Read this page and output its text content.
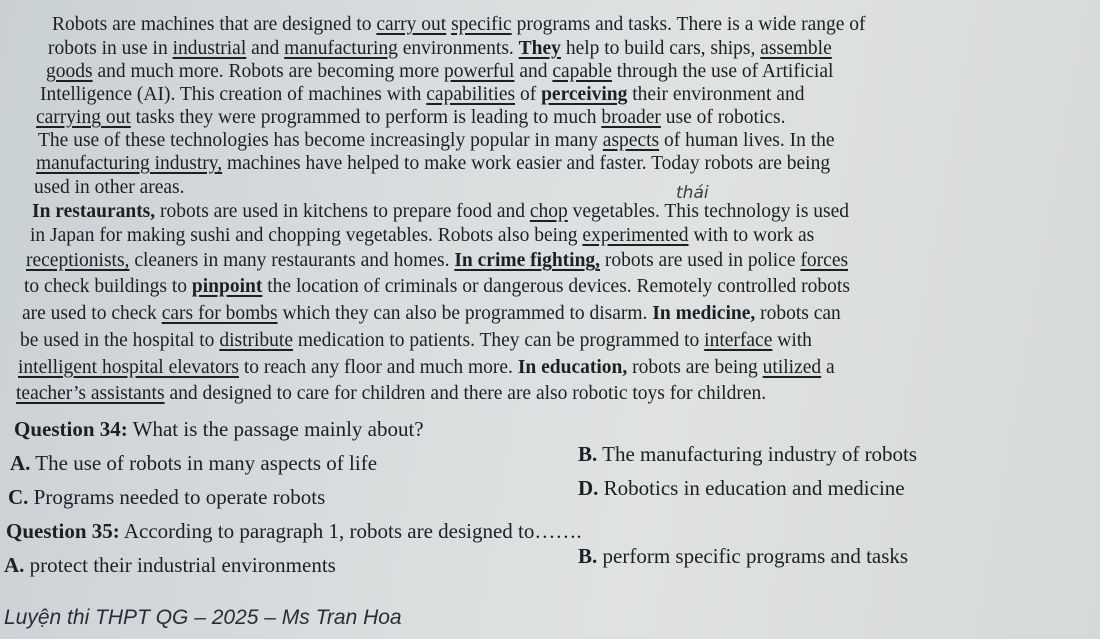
Robots are machines that are designed to carry out specific programs and tasks. There is a wide range of
robots in use in industrial and manufacturing environments. They help to build cars, ships, assemble
goods and much more. Robots are becoming more powerful and capable through the use of Artificial
Intelligence (AI). This creation of machines with capabilities of perceiving their environment and
carrying out tasks they were programmed to perform is leading to much broader use of robotics.
The use of these technologies has become increasingly popular in many aspects of human lives. In the
manufacturing industry, machines have helped to make work easier and faster. Today robots are being
used in other areas.	thái
In restaurants, robots are used in kitchens to prepare food and chop vegetables. This technology is used
in Japan for making sushi and chopping vegetables. Robots also being experimented with to work as
receptionists, cleaners in many restaurants and homes. In crime fighting, robots are used in police forces
to check buildings to pinpoint the location of criminals or dangerous devices. Remotely controlled robots
are used to check cars for bombs which they can also be programmed to disarm. In medicine, robots can
be used in the hospital to distribute medication to patients. They can be programmed to interface with
intelligent hospital elevators to reach any floor and much more. In education, robots are being utilized a
teacher’s assistants and designed to care for children and there are also robotic toys for children.
Question 34: What is the passage mainly about?
A. The use of robots in many aspects of life	B. The manufacturing industry of robots
C. Programs needed to operate robots	D. Robotics in education and medicine
Question 35: According to paragraph 1, robots are designed to…….
A. protect their industrial environments	B. perform specific programs and tasks
Luyện thi THPT QG – 2025 – Ms Tran Hoa
